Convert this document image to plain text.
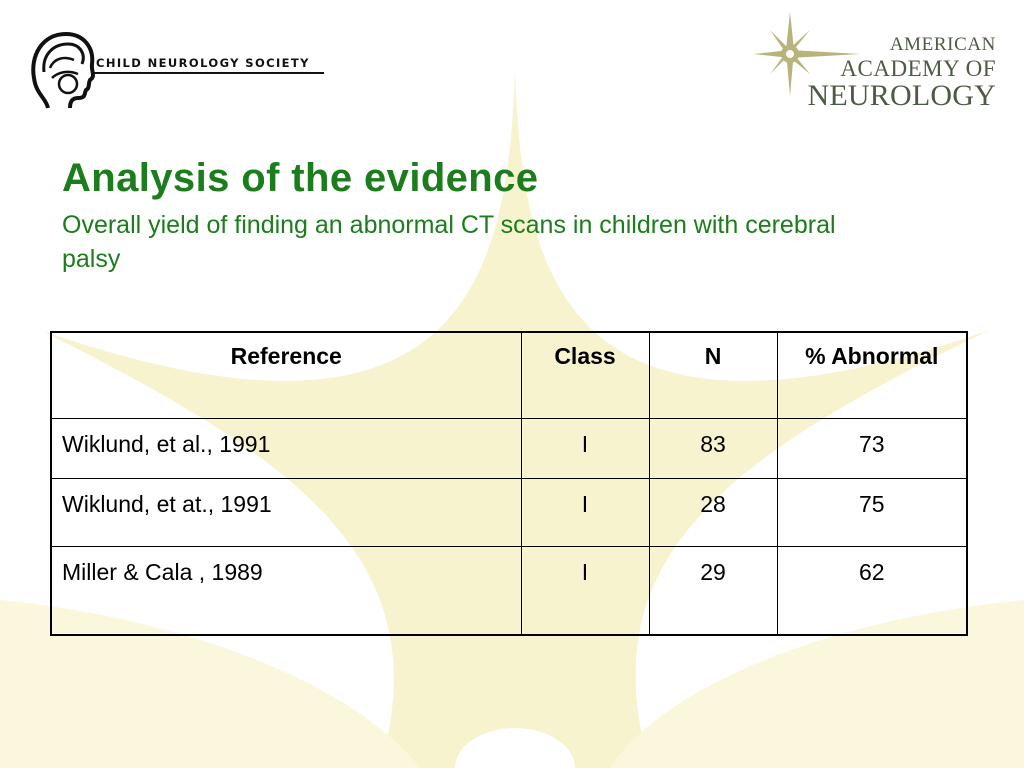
CHILD NEUROLOGY SOCIETY
AMERICAN
ACADEMY OF
NEUROLOGY
Analysis of the evidence
Overall yield of finding an abnormal CT scans in children with cerebral palsy
Reference	Class	N	% Abnormal
Wiklund, et al., 1991	I	83	73
Wiklund, et at., 1991	I	28	75
Miller & Cala , 1989	I	29	62
